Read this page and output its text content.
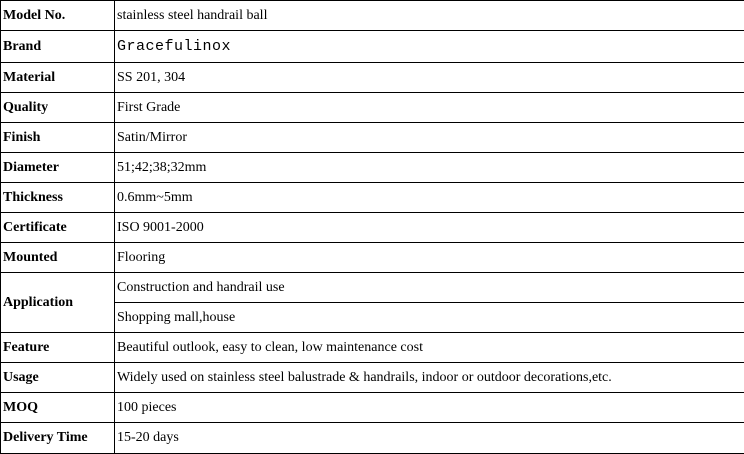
Model No.	stainless steel handrail ball
Brand	Gracefulinox
Material	SS 201, 304
Quality	First Grade
Finish	Satin/Mirror
Diameter	51;42;38;32mm
Thickness	0.6mm~5mm
Certificate	ISO 9001-2000
Mounted	Flooring
Application	Construction and handrail use
	Shopping mall,house
Feature	Beautiful outlook, easy to clean, low maintenance cost
Usage	Widely used on stainless steel balustrade & handrails, indoor or outdoor decorations,etc.
MOQ	100 pieces
Delivery Time	15-20 days
